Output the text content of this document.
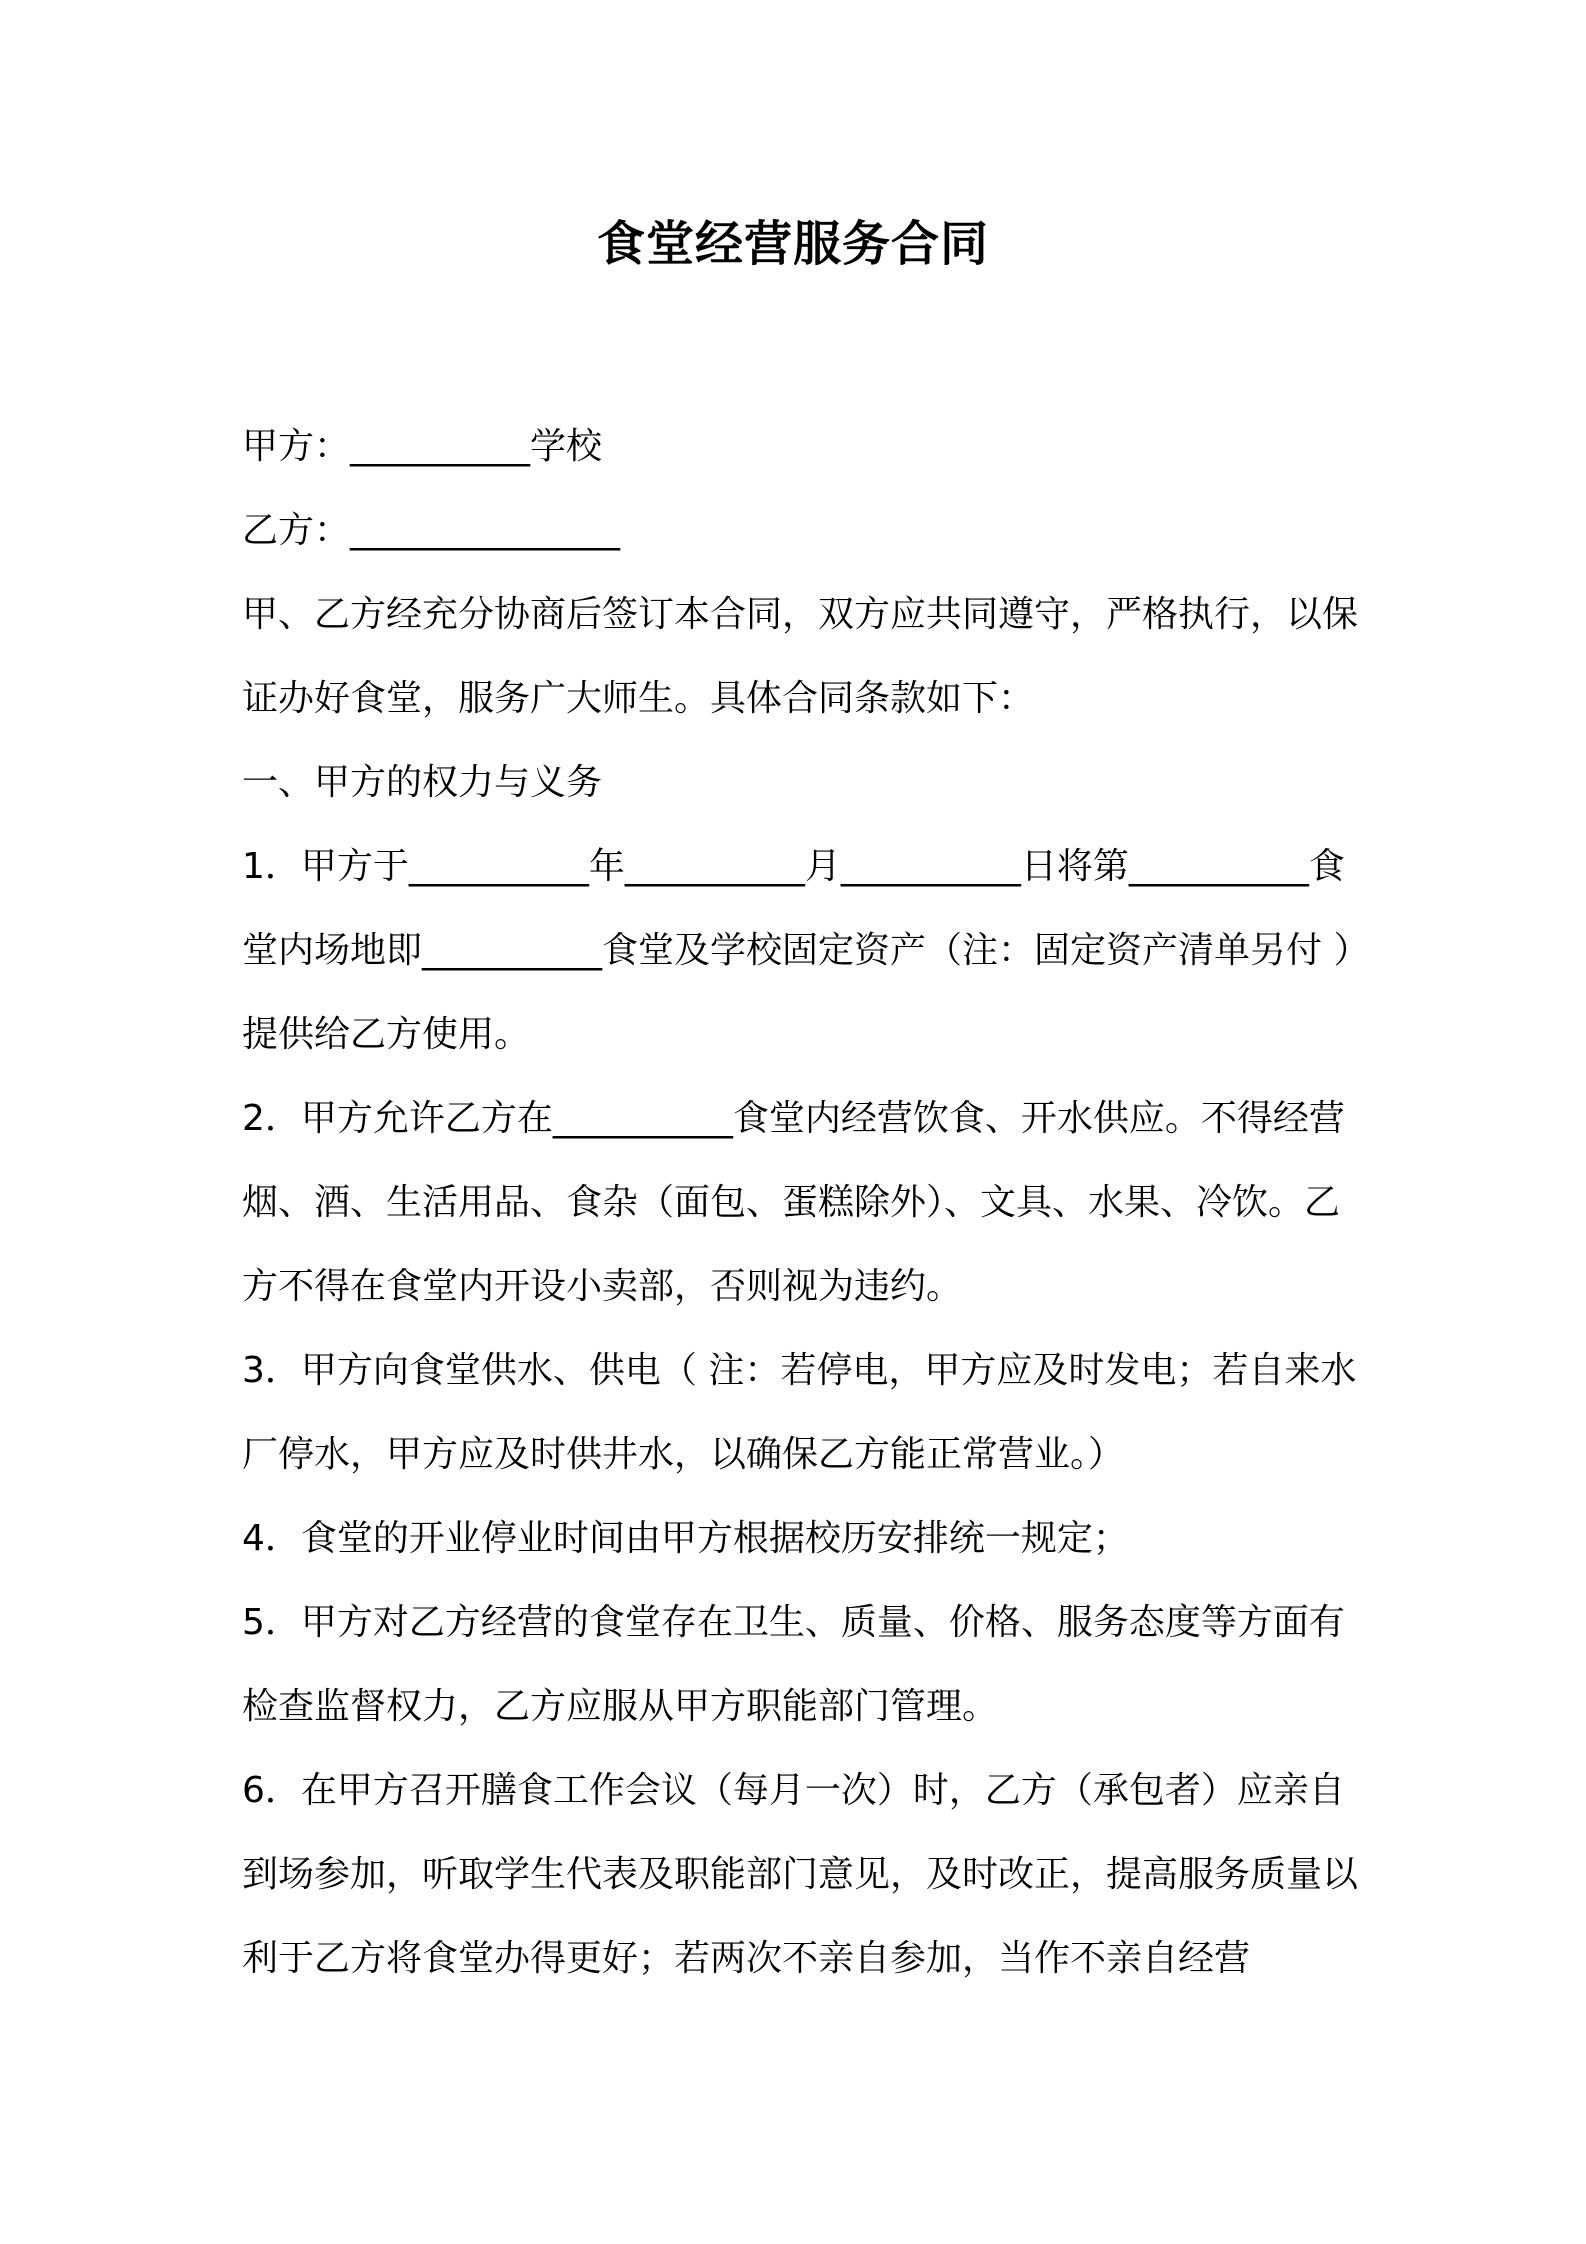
食堂经营服务合同

甲方：__________学校

乙方：_______________

甲、乙方经充分协商后签订本合同，双方应共同遵守，严格执行，以保证办好食堂，服务广大师生。具体合同条款如下：

一、甲方的权力与义务

1．甲方于__________年__________月__________日将第__________食堂内场地即__________食堂及学校固定资产（注：固定资产清单另付 ）提供给乙方使用。

2．甲方允许乙方在__________食堂内经营饮食、开水供应。不得经营烟、酒、生活用品、食杂（面包、蛋糕除外）、文具、水果、冷饮。乙方不得在食堂内开设小卖部，否则视为违约。

3．甲方向食堂供水、供电（ 注：若停电，甲方应及时发电；若自来水厂停水，甲方应及时供井水，以确保乙方能正常营业。）

4．食堂的开业停业时间由甲方根据校历安排统一规定；

5．甲方对乙方经营的食堂存在卫生、质量、价格、服务态度等方面有检查监督权力，乙方应服从甲方职能部门管理。

6．在甲方召开膳食工作会议（每月一次）时，乙方（承包者）应亲自到场参加，听取学生代表及职能部门意见，及时改正，提高服务质量以利于乙方将食堂办得更好；若两次不亲自参加，当作不亲自经营
